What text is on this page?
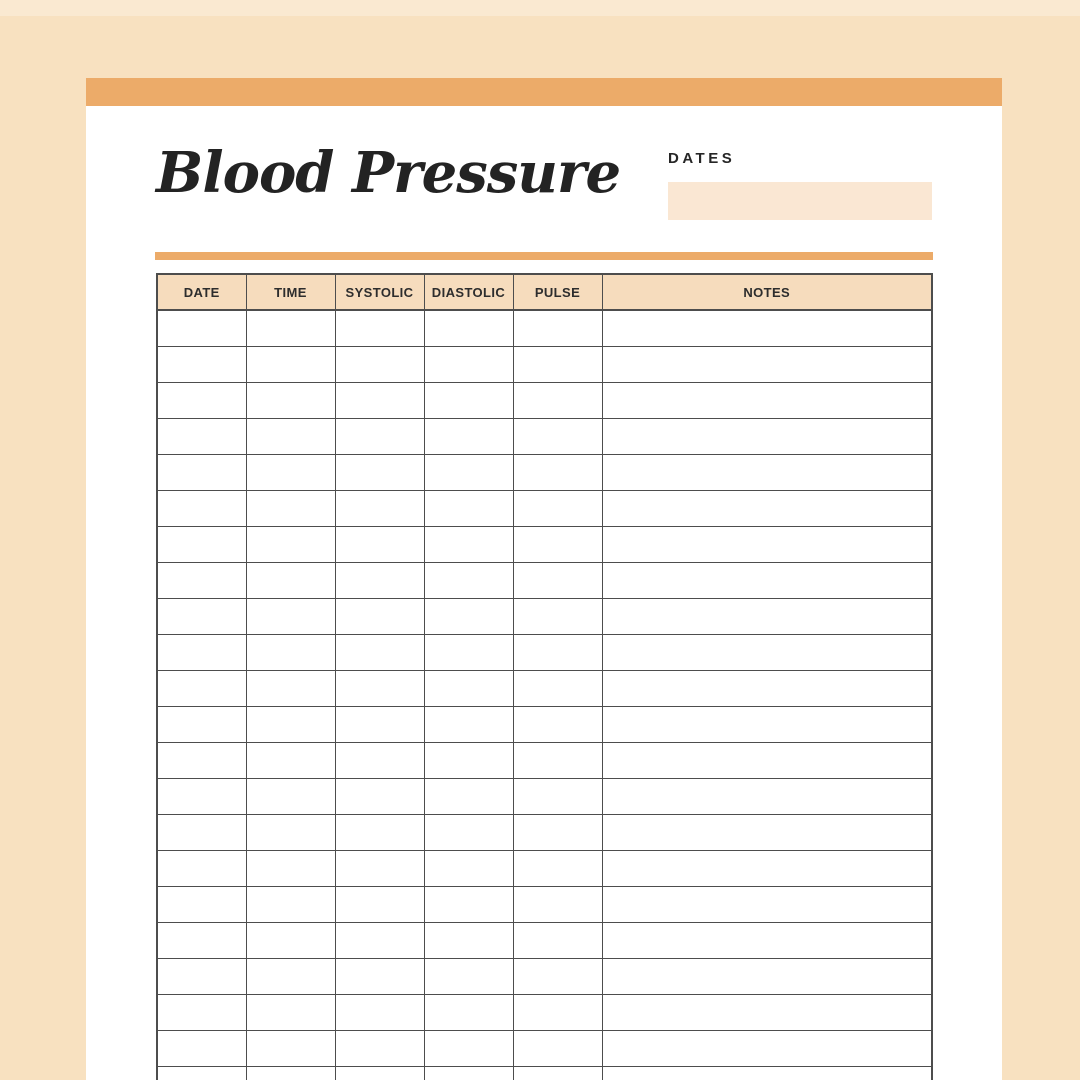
Blood Pressure	DATES
DATE	TIME	SYSTOLIC	DIASTOLIC	PULSE	NOTES
